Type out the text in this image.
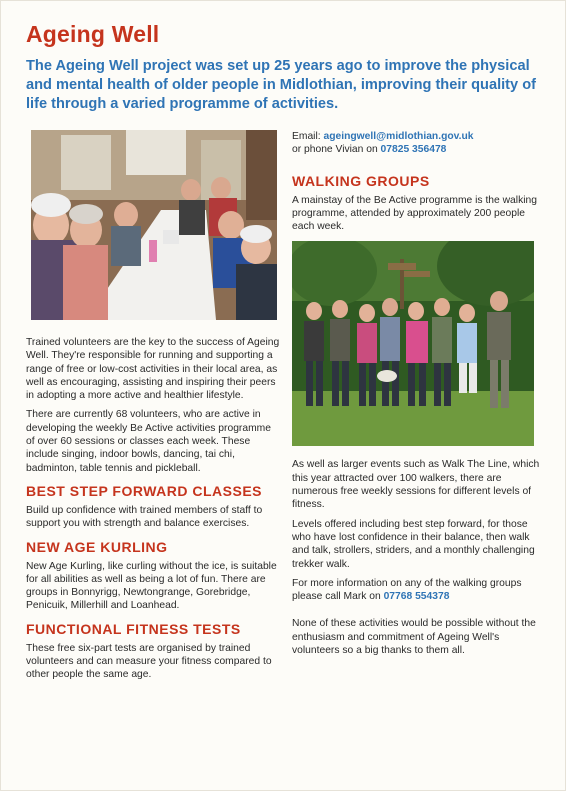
Ageing Well
The Ageing Well project was set up 25 years ago to improve the physical and mental health of older people in Midlothian, improving their quality of life through a varied programme of activities.

Trained volunteers are the key to the success of Ageing Well. They're responsible for running and supporting a range of free or low-cost activities in their local area, as well as encouraging, assisting and inspiring their peers in adopting a more active and healthier lifestyle.

There are currently 68 volunteers, who are active in developing the weekly Be Active activities programme of over 60 sessions or classes each week. These include singing, indoor bowls, dancing, tai chi, badminton, table tennis and pickleball.

BEST STEP FORWARD CLASSES

Build up confidence with trained members of staff to support you with strength and balance exercises.

NEW AGE KURLING

New Age Kurling, like curling without the ice, is suitable for all abilities as well as being a lot of fun. There are groups in Bonnyrigg, Newtongrange, Gorebridge, Penicuik, Millerhill and Loanhead.

FUNCTIONAL FITNESS TESTS

These free six-part tests are organised by trained volunteers and can measure your fitness compared to other people the same age.

Email: ageingwell@midlothian.gov.uk

or phone Vivian on 07825 356478

WALKING GROUPS

A mainstay of the Be Active programme is the walking programme, attended by approximately 200 people each week.

As well as larger events such as Walk The Line, which this year attracted over 100 walkers, there are numerous free weekly sessions for different levels of fitness.

Levels offered including best step forward, for those who have lost confidence in their balance, then walk and talk, strollers, striders, and a monthly challenging trekker walk.

For more information on any of the walking groups please call Mark on 07768 554378

None of these activities would be possible without the enthusiasm and commitment of Ageing Well's volunteers so a big thanks to them all.
